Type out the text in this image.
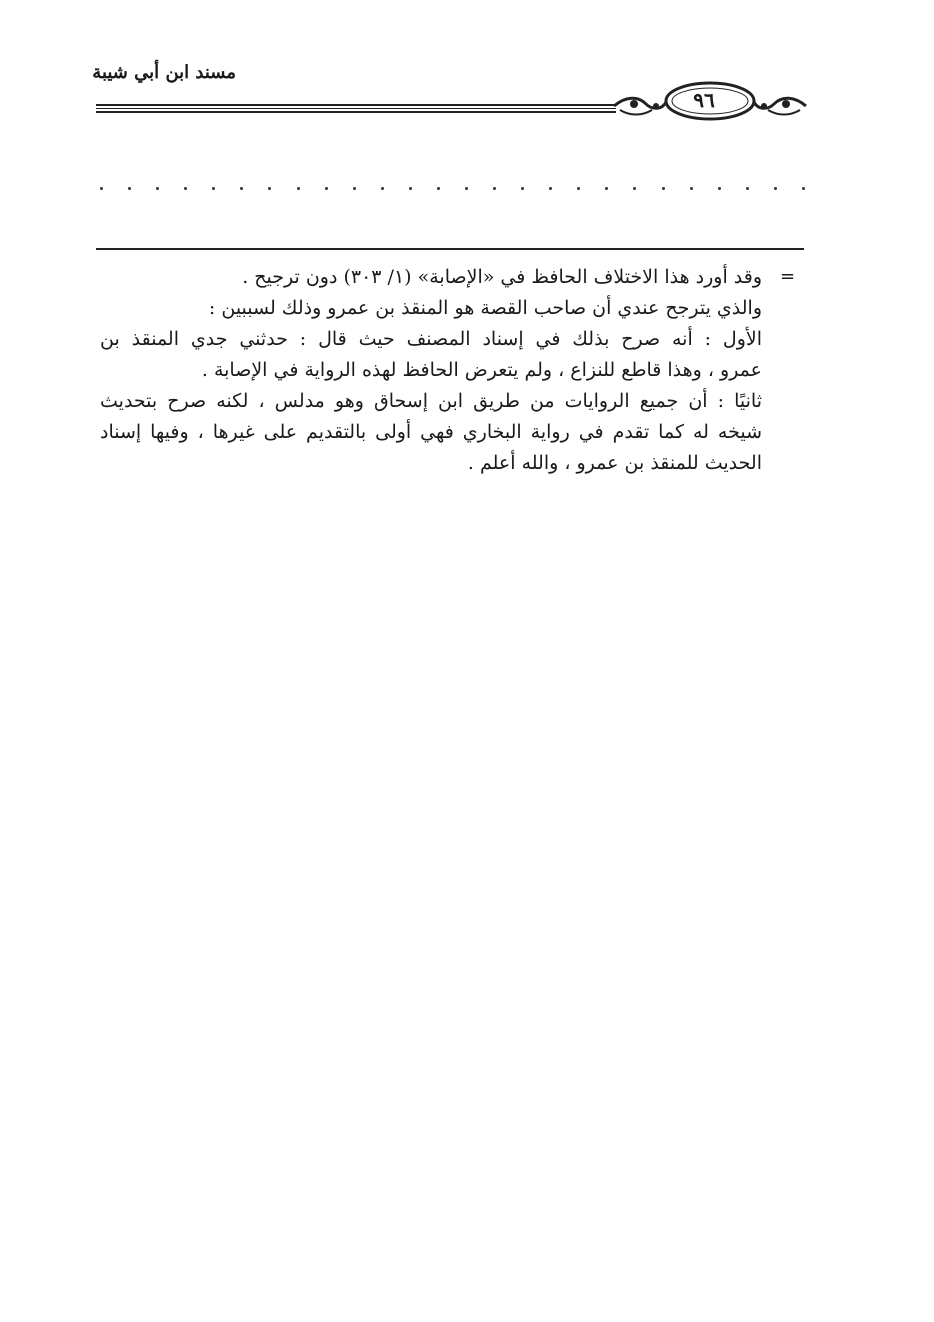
مسند ابن أبي شيبة
٩٦
=

وقد أورد هذا الاختلاف الحافظ في «الإصابة» (١/ ٣٠٣) دون ترجيح .

والذي يترجح عندي أن صاحب القصة هو المنقذ بن عمرو وذلك لسببين :

الأول : أنه صرح بذلك في إسناد المصنف حيث قال : حدثني جدي المنقذ بن

عمرو ، وهذا قاطع للنزاع ، ولم يتعرض الحافظ لهذه الرواية في الإصابة .

ثانيًا : أن جميع الروايات من طريق ابن إسحاق وهو مدلس ، لكنه صرح بتحديث

شيخه له كما تقدم في رواية البخاري فهي أولى بالتقديم على غيرها ، وفيها إسناد

الحديث للمنقذ بن عمرو ، والله أعلم .
